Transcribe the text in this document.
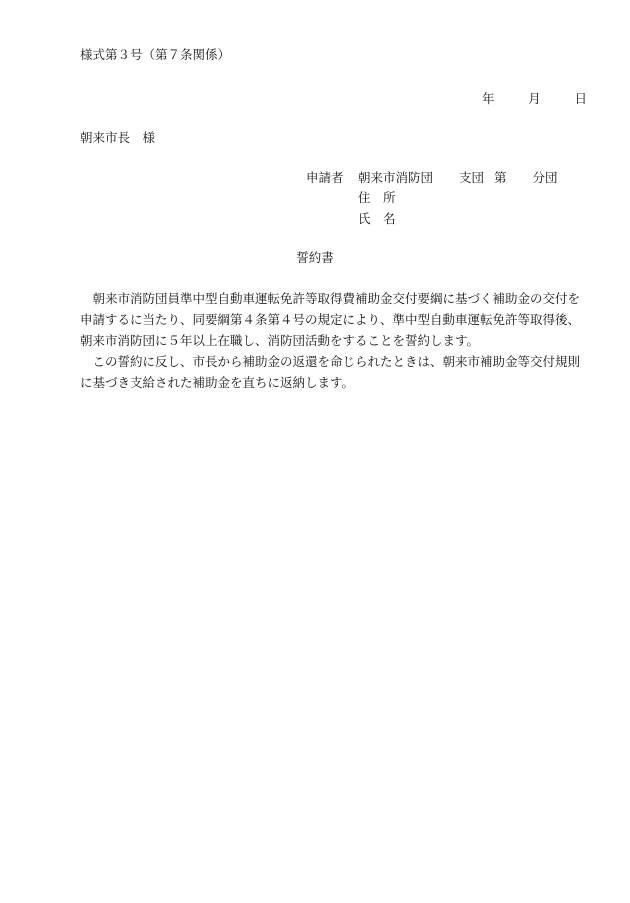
様式第３号（第７条関係）
年	月	日
朝来市長　様
申請者	朝来市消防団 支団 第 分団
住　所
氏　名
誓約書

朝来市消防団員準中型自動車運転免許等取得費補助金交付要綱に基づく補助金の交付を申請するに当たり、同要綱第４条第４号の規定により、準中型自動車運転免許等取得後、朝来市消防団に５年以上在職し、消防団活動をすることを誓約します。

この誓約に反し、市長から補助金の返還を命じられたときは、朝来市補助金等交付規則に基づき支給された補助金を直ちに返納します。
